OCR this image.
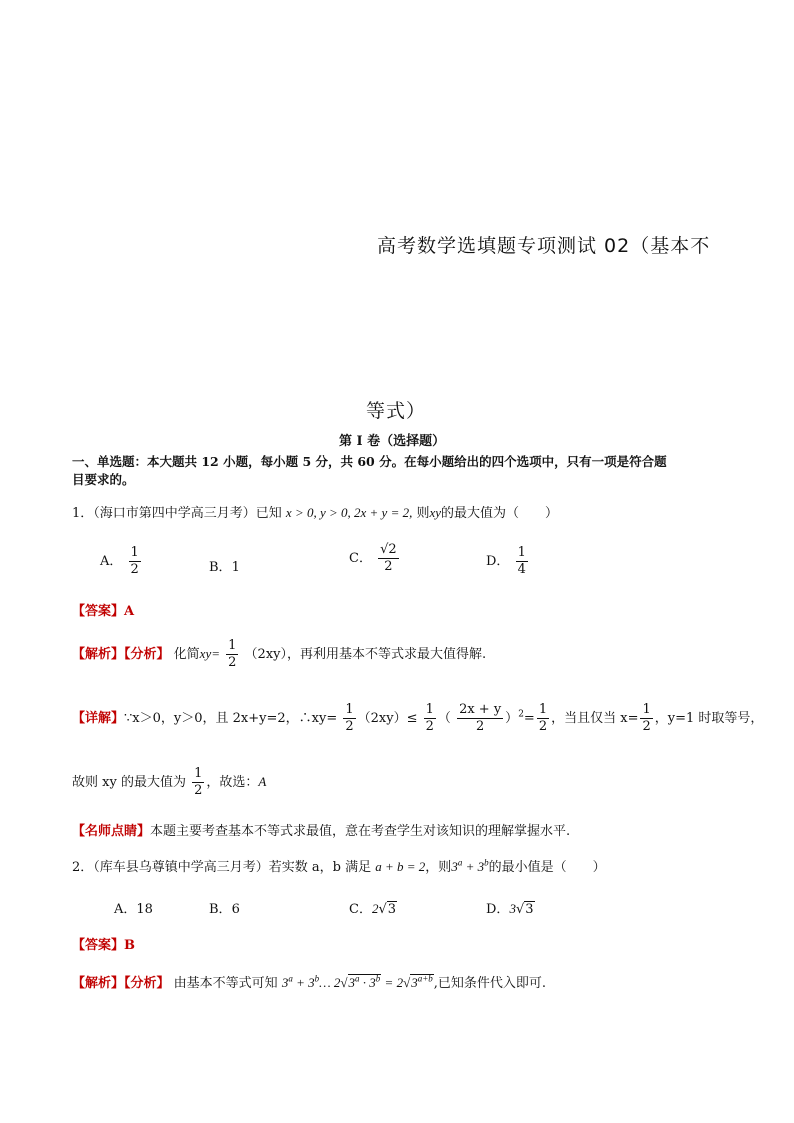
高考数学选填题专项测试 02（基本不
等式）
第 I 卷（选择题）
一、单选题：本大题共 12 小题，每小题 5 分，共 60 分。在每小题给出的四个选项中，只有一项是符合题
目要求的。
1．（海口市第四中学高三月考）已知 x > 0, y > 0, 2x + y = 2, 则xy的最大值为（　　）
A． $\frac{1}{2}$	B．1
C． $\frac{√2}{2}$	D． $\frac{1}{4}$
【答案】A
【解析】【分析】 化简$xy= \frac{1}{2} (2xy)$，再利用基本不等式求最大值得解.
【详解】∵x＞0，y＞0，且 2x+y=2，∴xy= $\frac{1}{2} (2xy)\le \frac{1}{2}$ （ $\frac{2x + y}{2} )^2= \frac{1}{2}$ ，当且仅当 $x= \frac{1}{2}$ ，y=1 时取等号，
故则 xy 的最大值为 $\frac{1}{2}$ ，故选：A
【名师点睛】本题主要考查基本不等式求最值，意在考查学生对该知识的理解掌握水平.
2．（库车县乌尊镇中学高三月考）若实数 a，b 满足 a + b = 2，则$3^a + 3^b$的最小值是（　　）
A．18	B．6	C．2√3	D．3√3
【答案】B
【解析】【分析】 由基本不等式可知 $3^a$ + $3^b\dots$ $2√3^a \cdot 3^b = 2√3^{a+b}$,已知条件代入即可.
